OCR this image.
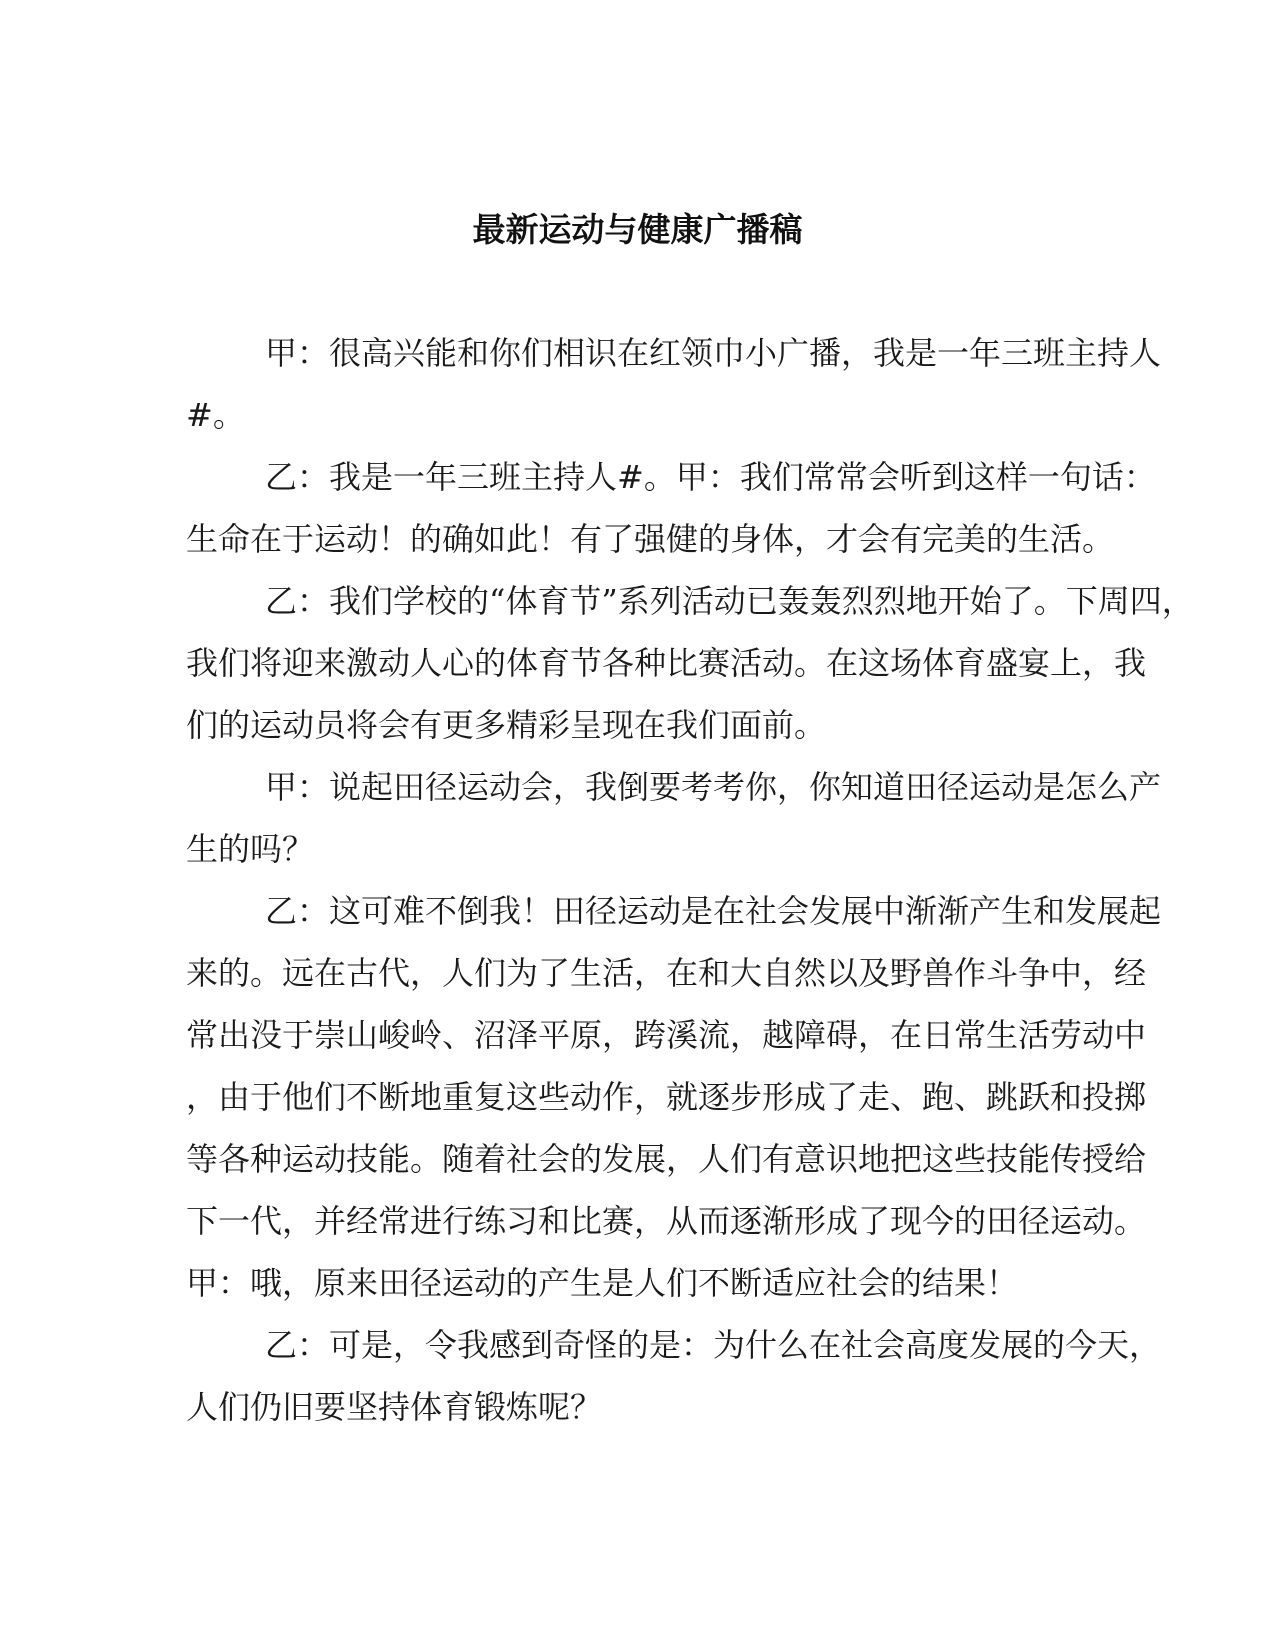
最新运动与健康广播稿
甲：很高兴能和你们相识在红领巾小广播，我是一年三班主持人
#。
乙：我是一年三班主持人#。甲：我们常常会听到这样一句话：
生命在于运动！的确如此！有了强健的身体，才会有完美的生活。
乙：我们学校的“体育节”系列活动已轰轰烈烈地开始了。下周四，
我们将迎来激动人心的体育节各种比赛活动。在这场体育盛宴上，我
们的运动员将会有更多精彩呈现在我们面前。
甲：说起田径运动会，我倒要考考你，你知道田径运动是怎么产
生的吗？
乙：这可难不倒我！田径运动是在社会发展中渐渐产生和发展起
来的。远在古代，人们为了生活，在和大自然以及野兽作斗争中，经
常出没于崇山峻岭、沼泽平原，跨溪流，越障碍，在日常生活劳动中
，由于他们不断地重复这些动作，就逐步形成了走、跑、跳跃和投掷
等各种运动技能。随着社会的发展，人们有意识地把这些技能传授给
下一代，并经常进行练习和比赛，从而逐渐形成了现今的田径运动。
甲：哦，原来田径运动的产生是人们不断适应社会的结果！
乙：可是，令我感到奇怪的是：为什么在社会高度发展的今天，
人们仍旧要坚持体育锻炼呢？
